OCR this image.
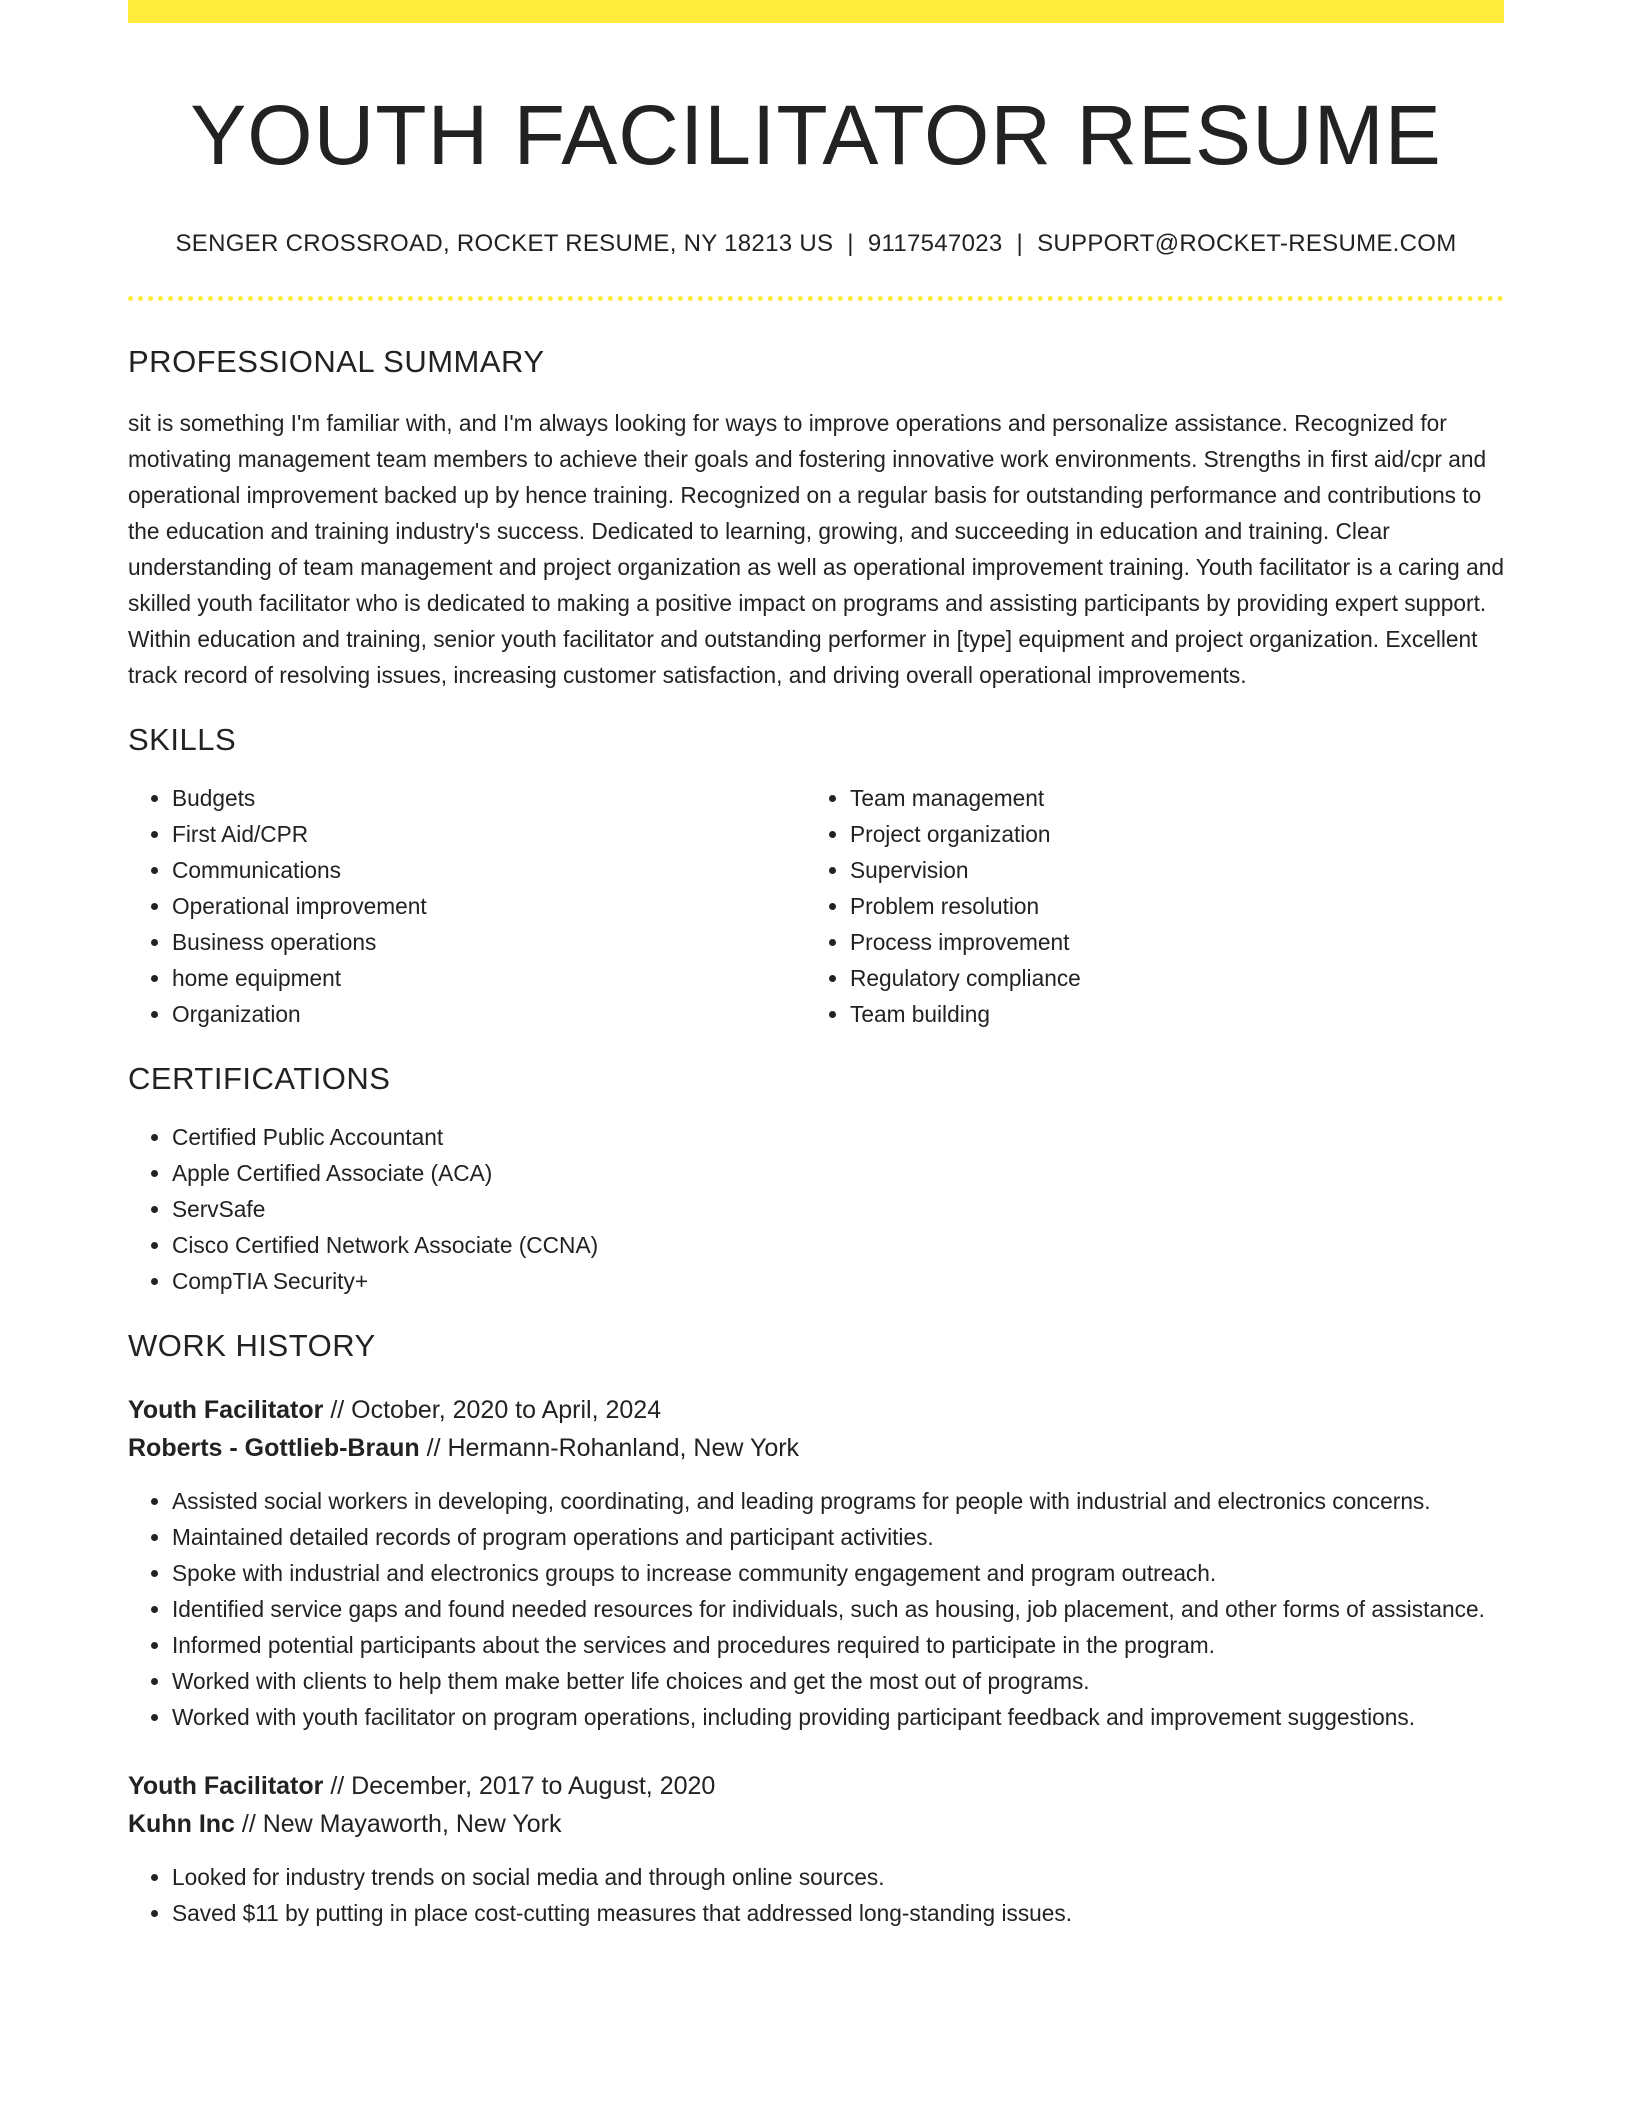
YOUTH FACILITATOR RESUME
SENGER CROSSROAD, ROCKET RESUME, NY 18213 US | 9117547023 | SUPPORT@ROCKET-RESUME.COM
PROFESSIONAL SUMMARY
sit is something I'm familiar with, and I'm always looking for ways to improve operations and personalize assistance. Recognized for motivating management team members to achieve their goals and fostering innovative work environments. Strengths in first aid/cpr and operational improvement backed up by hence training. Recognized on a regular basis for outstanding performance and contributions to the education and training industry's success. Dedicated to learning, growing, and succeeding in education and training. Clear understanding of team management and project organization as well as operational improvement training. Youth facilitator is a caring and skilled youth facilitator who is dedicated to making a positive impact on programs and assisting participants by providing expert support. Within education and training, senior youth facilitator and outstanding performer in [type] equipment and project organization. Excellent track record of resolving issues, increasing customer satisfaction, and driving overall operational improvements.
SKILLS
• Budgets
• First Aid/CPR
• Communications
• Operational improvement
• Business operations
• home equipment
• Organization
• Team management
• Project organization
• Supervision
• Problem resolution
• Process improvement
• Regulatory compliance
• Team building
CERTIFICATIONS
• Certified Public Accountant
• Apple Certified Associate (ACA)
• ServSafe
• Cisco Certified Network Associate (CCNA)
• CompTIA Security+
WORK HISTORY
Youth Facilitator // October, 2020 to April, 2024
Roberts - Gottlieb-Braun // Hermann-Rohanland, New York
• Assisted social workers in developing, coordinating, and leading programs for people with industrial and electronics concerns.
• Maintained detailed records of program operations and participant activities.
• Spoke with industrial and electronics groups to increase community engagement and program outreach.
• Identified service gaps and found needed resources for individuals, such as housing, job placement, and other forms of assistance.
• Informed potential participants about the services and procedures required to participate in the program.
• Worked with clients to help them make better life choices and get the most out of programs.
• Worked with youth facilitator on program operations, including providing participant feedback and improvement suggestions.
Youth Facilitator // December, 2017 to August, 2020
Kuhn Inc // New Mayaworth, New York
• Looked for industry trends on social media and through online sources.
• Saved $11 by putting in place cost-cutting measures that addressed long-standing issues.
